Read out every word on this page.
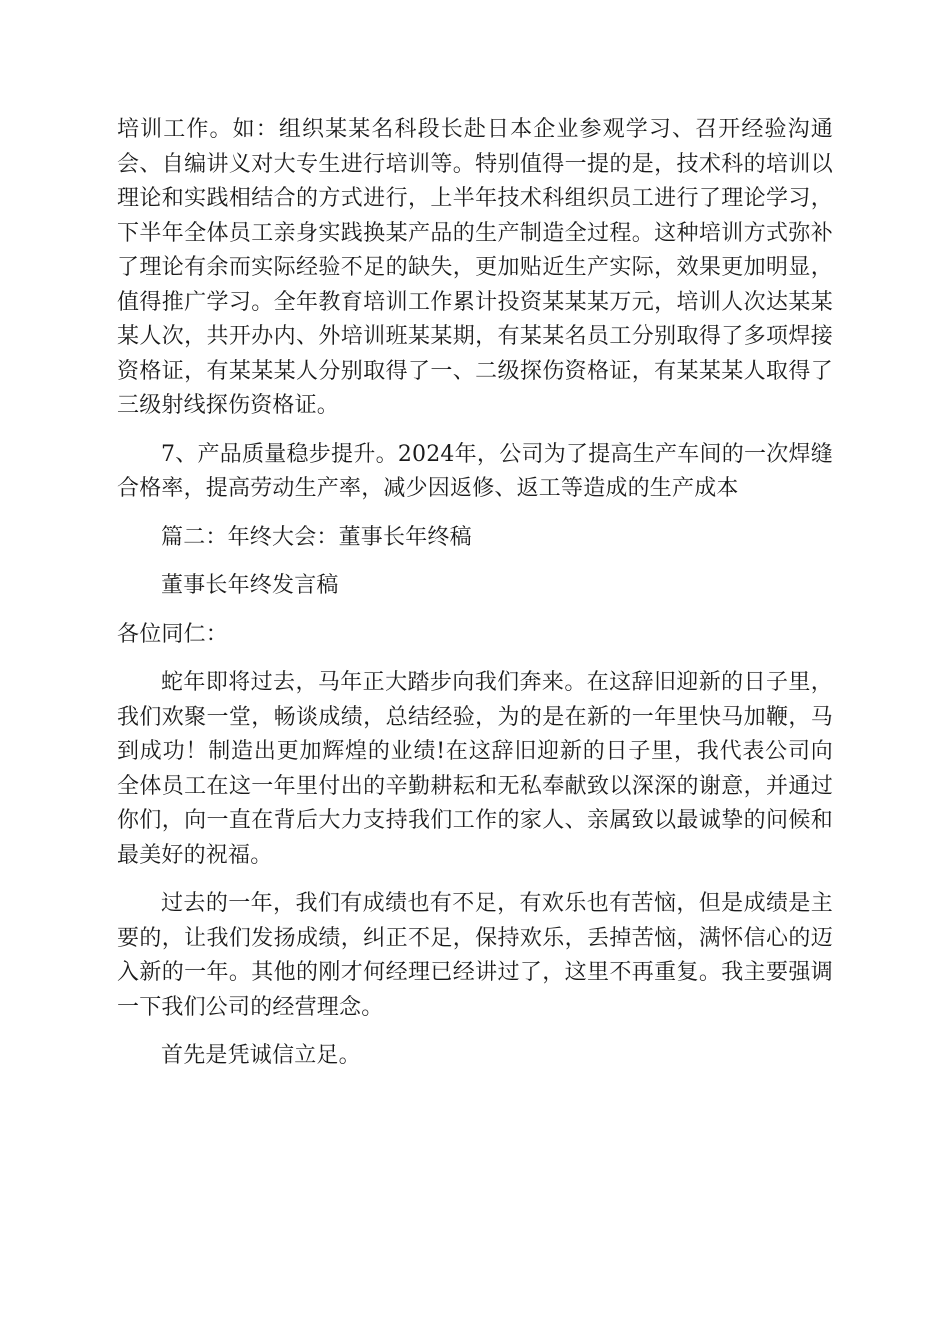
培训工作。如：组织某某名科段长赴日本企业参观学习、召开经验沟通会、自编讲义对大专生进行培训等。特别值得一提的是，技术科的培训以理论和实践相结合的方式进行，上半年技术科组织员工进行了理论学习，下半年全体员工亲身实践换某产品的生产制造全过程。这种培训方式弥补了理论有余而实际经验不足的缺失，更加贴近生产实际，效果更加明显，值得推广学习。全年教育培训工作累计投资某某某万元，培训人次达某某某人次，共开办内、外培训班某某期，有某某名员工分别取得了多项焊接资格证，有某某某人分别取得了一、二级探伤资格证，有某某某人取得了三级射线探伤资格证。

7、产品质量稳步提升。2024年，公司为了提高生产车间的一次焊缝合格率，提高劳动生产率，减少因返修、返工等造成的生产成本

篇二：年终大会：董事长年终稿

董事长年终发言稿

各位同仁：

蛇年即将过去，马年正大踏步向我们奔来。在这辞旧迎新的日子里，我们欢聚一堂，畅谈成绩，总结经验，为的是在新的一年里快马加鞭，马到成功！制造出更加辉煌的业绩!在这辞旧迎新的日子里，我代表公司向全体员工在这一年里付出的辛勤耕耘和无私奉献致以深深的谢意，并通过你们，向一直在背后大力支持我们工作的家人、亲属致以最诚挚的问候和最美好的祝福。

过去的一年，我们有成绩也有不足，有欢乐也有苦恼，但是成绩是主要的，让我们发扬成绩，纠正不足，保持欢乐，丢掉苦恼，满怀信心的迈入新的一年。其他的刚才何经理已经讲过了，这里不再重复。我主要强调一下我们公司的经营理念。

首先是凭诚信立足。
